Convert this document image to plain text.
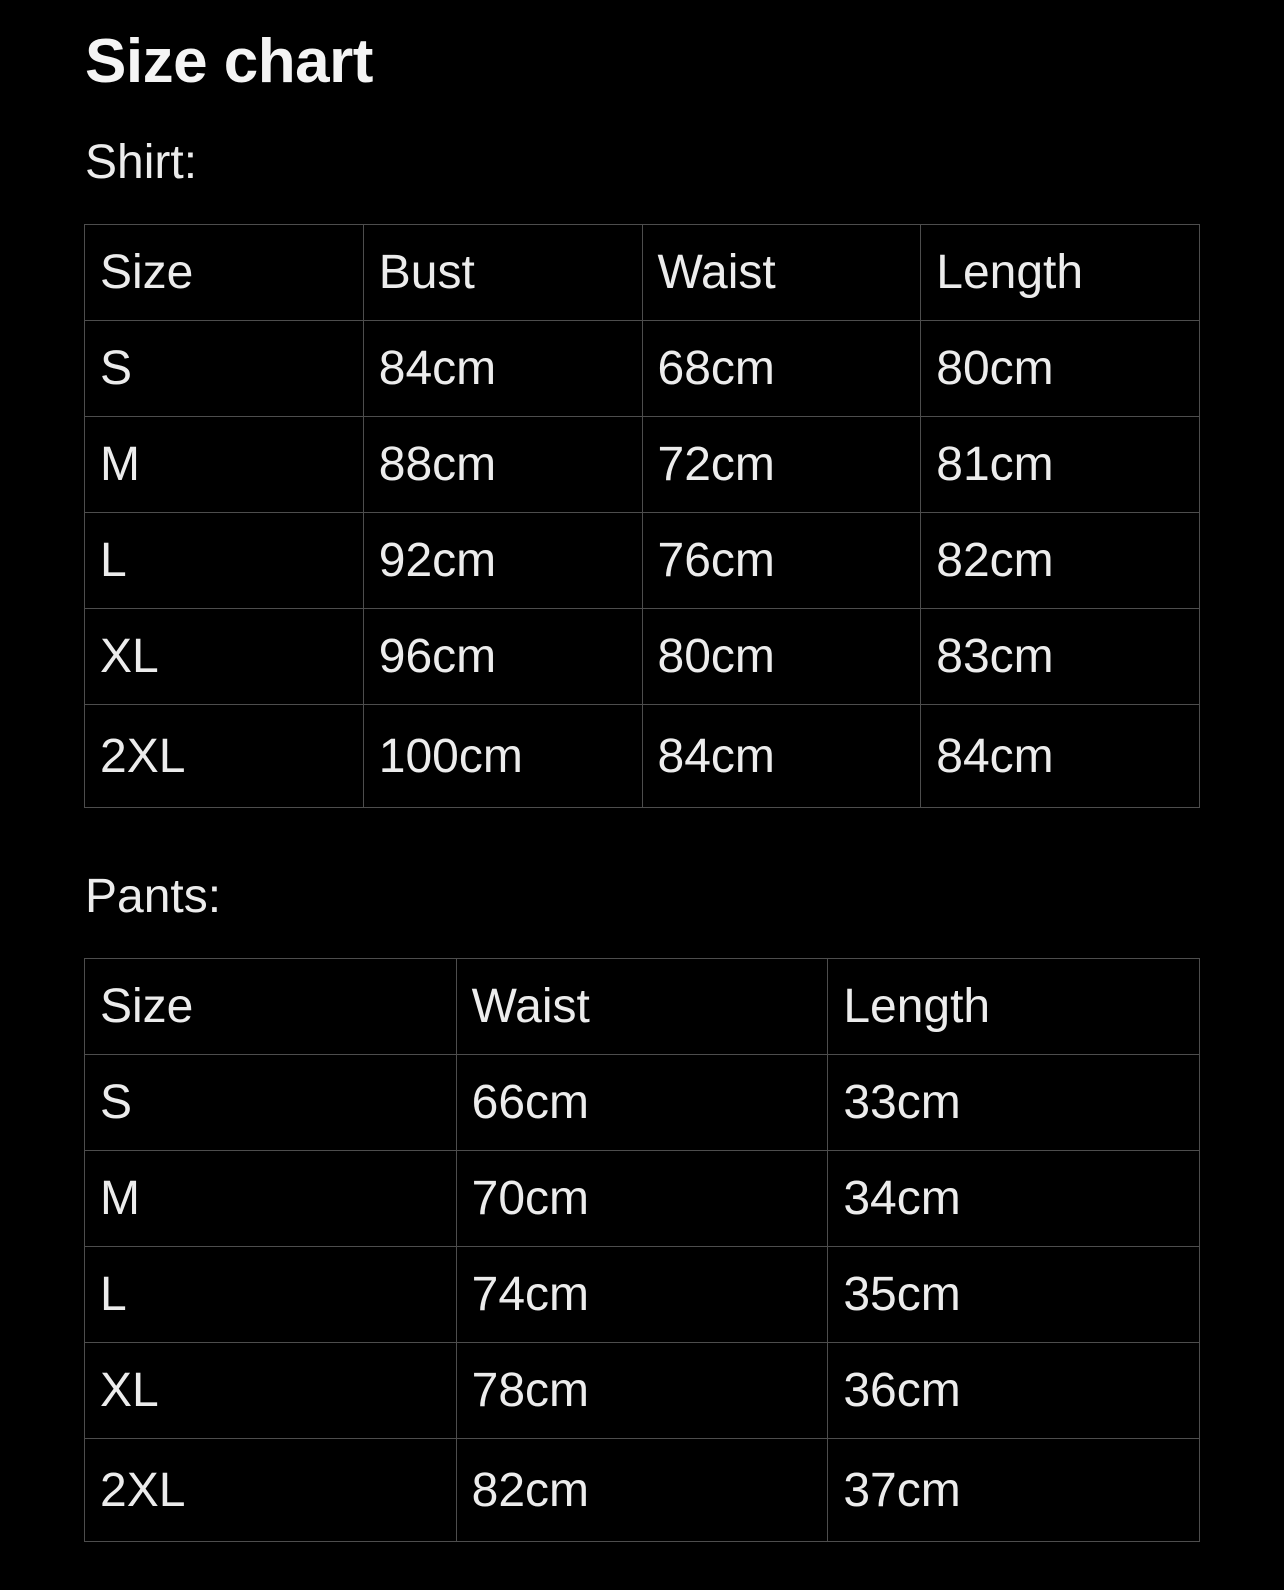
Size chart
Shirt:
Size	Bust	Waist	Length
S	84cm	68cm	80cm
M	88cm	72cm	81cm
L	92cm	76cm	82cm
XL	96cm	80cm	83cm
2XL	100cm	84cm	84cm
Pants:
Size	Waist	Length
S	66cm	33cm
M	70cm	34cm
L	74cm	35cm
XL	78cm	36cm
2XL	82cm	37cm
